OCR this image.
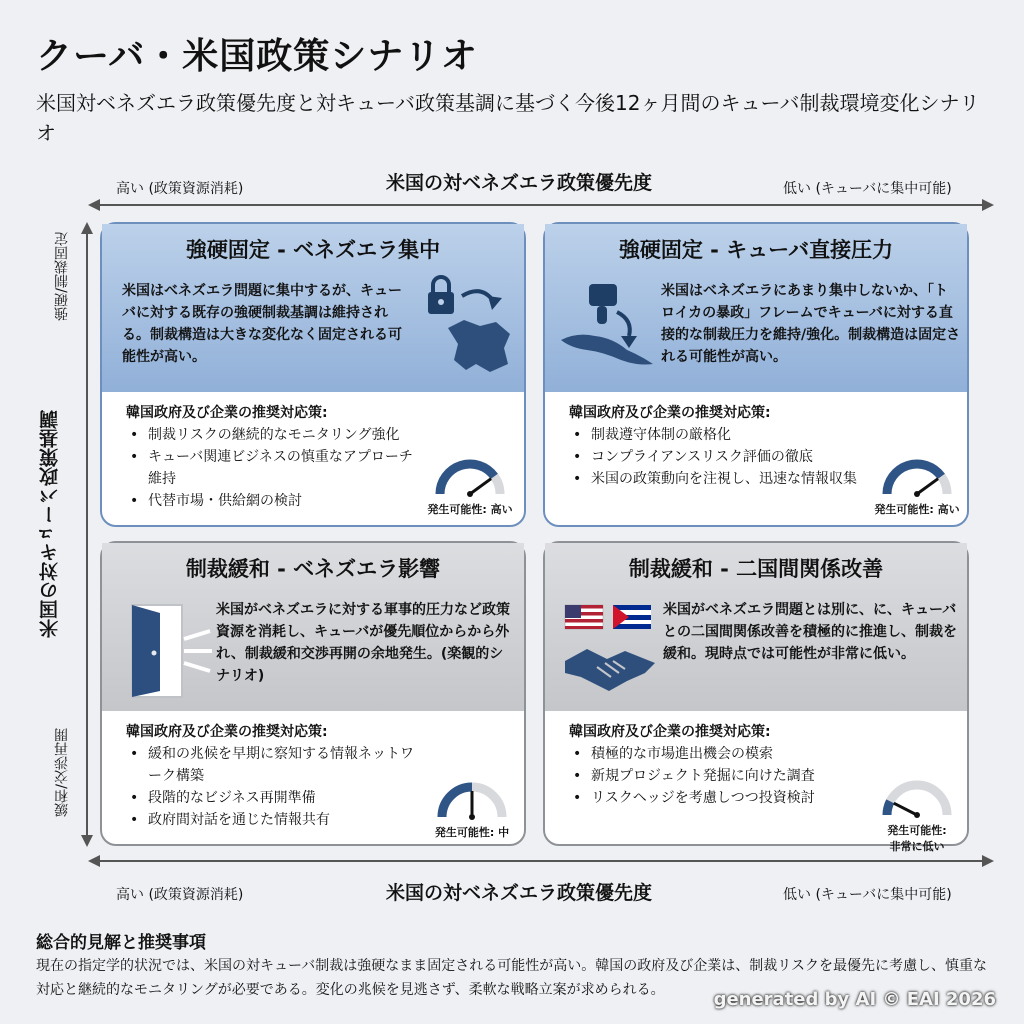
クーバ・米国政策シナリオ
米国対ベネズエラ政策優先度と対キューバ政策基調に基づく今後12ヶ月間のキューバ制裁環境変化シナリオ
高い (政策資源消耗)	米国の対ベネズエラ政策優先度	低い (キューバに集中可能)
強硬/制裁固定
米国の対キューバ政策基調
緩和/交渉再開
強硬固定 - ベネズエラ集中
米国はベネズエラ問題に集中するが、キューバに対する既存の強硬制裁基調は維持される。制裁構造は大きな変化なく固定される可能性が高い。
韓国政府及び企業の推奨対応策:
• 制裁リスクの継続的なモニタリング強化
• キューバ関連ビジネスの慎重なアプローチ維持
• 代替市場・供給網の検討
発生可能性: 高い
強硬固定 - キューバ直接圧力
米国はベネズエラにあまり集中しないか、「トロイカの暴政」フレームでキューバに対する直接的な制裁圧力を維持/強化。制裁構造は固定される可能性が高い。
韓国政府及び企業の推奨対応策:
• 制裁遵守体制の厳格化
• コンプライアンスリスク評価の徹底
• 米国の政策動向を注視し、迅速な情報収集
発生可能性: 高い
制裁緩和 - ベネズエラ影響
米国がベネズエラに対する軍事的圧力など政策資源を消耗し、キューバが優先順位からから外れ、制裁緩和交渉再開の余地発生。(楽観的シナリオ)
韓国政府及び企業の推奨対応策:
• 緩和の兆候を早期に察知する情報ネットワーク構築
• 段階的なビジネス再開準備
• 政府間対話を通じた情報共有
発生可能性: 中
制裁緩和 - 二国間関係改善
米国がベネズエラ問題とは別に、に、キューバとの二国間関係改善を積極的に推進し、制裁を緩和。現時点では可能性が非常に低い。
韓国政府及び企業の推奨対応策:
• 積極的な市場進出機会の模索
• 新規プロジェクト発掘に向けた調査
• リスクヘッジを考慮しつつ投資検討
発生可能性: 非常に低い
高い (政策資源消耗)	米国の対ベネズエラ政策優先度	低い (キューバに集中可能)
総合的見解と推奨事項
現在の指定学的状況では、米国の対キューバ制裁は強硬なまま固定される可能性が高い。韓国の政府及び企業は、制裁リスクを最優先に考慮し、慎重な対応と継続的なモニタリングが必要である。変化の兆候を見逃さず、柔軟な戦略立案が求められる。	generated by AI © EAI 2026
